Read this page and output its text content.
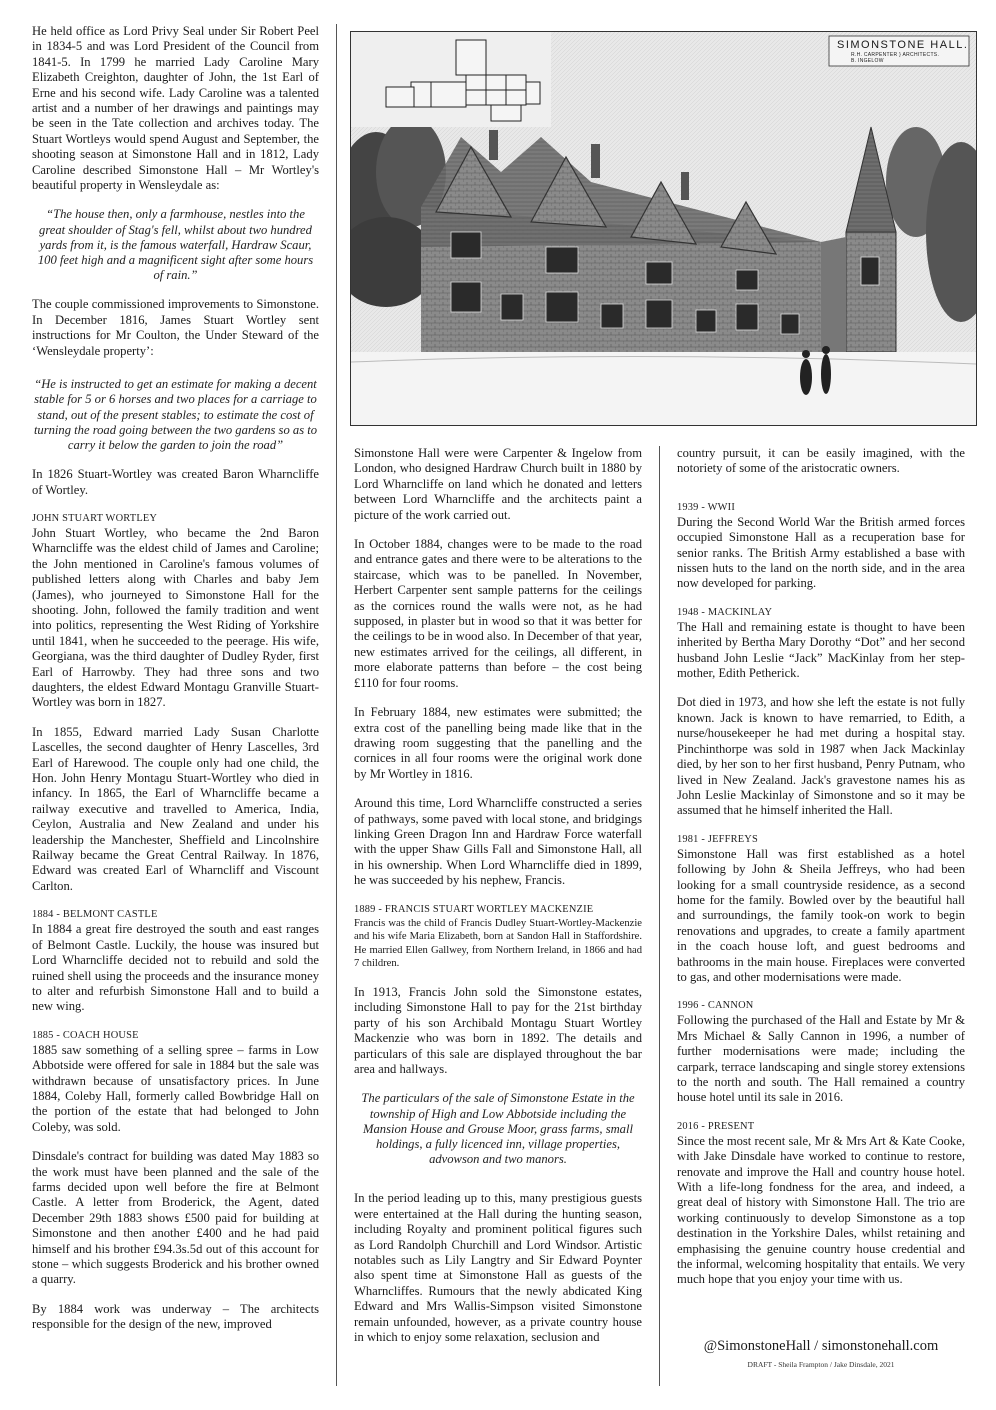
SIMONSTONE HALL.
R.H. CARPENTER } ARCHITECTS.
B. INGELOW

He held office as Lord Privy Seal under Sir Robert Peel in 1834-5 and was Lord President of the Council from 1841-5. In 1799 he married Lady Caroline Mary Elizabeth Creighton, daughter of John, the 1st Earl of Erne and his second wife. Lady Caroline was a talented artist and a number of her drawings and paintings may be seen in the Tate collection and archives today. The Stuart Wortleys would spend August and September, the shooting season at Simonstone Hall and in 1812, Lady Caroline described Simonstone Hall – Mr Wortley's beautiful property in Wensleydale as:

“The house then, only a farmhouse, nestles into the great shoulder of Stag's fell, whilst about two hundred yards from it, is the famous waterfall, Hardraw Scaur, 100 feet high and a magnificent sight after some hours of rain.”

The couple commissioned improvements to Simonstone. In December 1816, James Stuart Wortley sent instructions for Mr Coulton, the Under Steward of the ‘Wensleydale property’:

“He is instructed to get an estimate for making a decent stable for 5 or 6 horses and two places for a carriage to stand, out of the present stables; to estimate the cost of turning the road going between the two gardens so as to carry it below the garden to join the road”

In 1826 Stuart-Wortley was created Baron Wharncliffe of Wortley.

JOHN STUART WORTLEY

John Stuart Wortley, who became the 2nd Baron Wharncliffe was the eldest child of James and Caroline; the John mentioned in Caroline's famous volumes of published letters along with Charles and baby Jem (James), who journeyed to Simonstone Hall for the shooting. John, followed the family tradition and went into politics, representing the West Riding of Yorkshire until 1841, when he succeeded to the peerage. His wife, Georgiana, was the third daughter of Dudley Ryder, first Earl of Harrowby. They had three sons and two daughters, the eldest Edward Montagu Granville Stuart-Wortley was born in 1827.

In 1855, Edward married Lady Susan Charlotte Lascelles, the second daughter of Henry Lascelles, 3rd Earl of Harewood. The couple only had one child, the Hon. John Henry Montagu Stuart-Wortley who died in infancy. In 1865, the Earl of Wharncliffe became a railway executive and travelled to America, India, Ceylon, Australia and New Zealand and under his leadership the Manchester, Sheffield and Lincolnshire Railway became the Great Central Railway. In 1876, Edward was created Earl of Wharncliff and Viscount Carlton.

1884 - BELMONT CASTLE

In 1884 a great fire destroyed the south and east ranges of Belmont Castle. Luckily, the house was insured but Lord Wharncliffe decided not to rebuild and sold the ruined shell using the proceeds and the insurance money to alter and refurbish Simonstone Hall and to build a new wing.

1885 - COACH HOUSE

1885 saw something of a selling spree – farms in Low Abbotside were offered for sale in 1884 but the sale was withdrawn because of unsatisfactory prices. In June 1884, Coleby Hall, formerly called Bowbridge Hall on the portion of the estate that had belonged to John Coleby, was sold.

Dinsdale's contract for building was dated May 1883 so the work must have been planned and the sale of the farms decided upon well before the fire at Belmont Castle. A letter from Broderick, the Agent, dated December 29th 1883 shows £500 paid for building at Simonstone and then another £400 and he had paid himself and his brother £94.3s.5d out of this account for stone – which suggests Broderick and his brother owned a quarry.

By 1884 work was underway – The architects responsible for the design of the new, improved

Simonstone Hall were were Carpenter & Ingelow from London, who designed Hardraw Church built in 1880 by Lord Wharncliffe on land which he donated and letters between Lord Wharncliffe and the architects paint a picture of the work carried out.

In October 1884, changes were to be made to the road and entrance gates and there were to be alterations to the staircase, which was to be panelled. In November, Herbert Carpenter sent sample patterns for the ceilings as the cornices round the walls were not, as he had supposed, in plaster but in wood so that it was better for the ceilings to be in wood also. In December of that year, new estimates arrived for the ceilings, all different, in more elaborate patterns than before – the cost being £110 for four rooms.

In February 1884, new estimates were submitted; the extra cost of the panelling being made like that in the drawing room suggesting that the panelling and the cornices in all four rooms were the original work done by Mr Wortley in 1816.

Around this time, Lord Wharncliffe constructed a series of pathways, some paved with local stone, and bridgings linking Green Dragon Inn and Hardraw Force waterfall with the upper Shaw Gills Fall and Simonstone Hall, all in his ownership. When Lord Wharncliffe died in 1899, he was succeeded by his nephew, Francis.

1889 - FRANCIS STUART WORTLEY MACKENZIE

Francis was the child of Francis Dudley Stuart-Wortley-Mackenzie and his wife Maria Elizabeth, born at Sandon Hall in Staffordshire. He married Ellen Gallwey, from Northern Ireland, in 1866 and had 7 children.

In 1913, Francis John sold the Simonstone estates, including Simonstone Hall to pay for the 21st birthday party of his son Archibald Montagu Stuart Wortley Mackenzie who was born in 1892. The details and particulars of this sale are displayed throughout the bar area and hallways.

The particulars of the sale of Simonstone Estate in the township of High and Low Abbotside including the Mansion House and Grouse Moor, grass farms, small holdings, a fully licenced inn, village properties, advowson and two manors.

In the period leading up to this, many prestigious guests were entertained at the Hall during the hunting season, including Royalty and prominent political figures such as Lord Randolph Churchill and Lord Windsor. Artistic notables such as Lily Langtry and Sir Edward Poynter also spent time at Simonstone Hall as guests of the Wharncliffes. Rumours that the newly abdicated King Edward and Mrs Wallis-Simpson visited Simonstone remain unfounded, however, as a private country house in which to enjoy some relaxation, seclusion and

country pursuit, it can be easily imagined, with the notoriety of some of the aristocratic owners.

1939 - WWII

During the Second World War the British armed forces occupied Simonstone Hall as a recuperation base for senior ranks. The British Army established a base with nissen huts to the land on the north side, and in the area now developed for parking.

1948 - MACKINLAY

The Hall and remaining estate is thought to have been inherited by Bertha Mary Dorothy “Dot” and her second husband John Leslie “Jack” MacKinlay from her step-mother, Edith Petherick.

Dot died in 1973, and how she left the estate is not fully known. Jack is known to have remarried, to Edith, a nurse/housekeeper he had met during a hospital stay. Pinchinthorpe was sold in 1987 when Jack Mackinlay died, by her son to her first husband, Penry Putnam, who lived in New Zealand. Jack's gravestone names his as John Leslie Mackinlay of Simonstone and so it may be assumed that he himself inherited the Hall.

1981 - JEFFREYS

Simonstone Hall was first established as a hotel following by John & Sheila Jeffreys, who had been looking for a small countryside residence, as a second home for the family. Bowled over by the beautiful hall and surroundings, the family took-on work to begin renovations and upgrades, to create a family apartment in the coach house loft, and guest bedrooms and bathrooms in the main house. Fireplaces were converted to gas, and other modernisations were made.

1996 - CANNON

Following the purchased of the Hall and Estate by Mr & Mrs Michael & Sally Cannon in 1996, a number of further modernisations were made; including the carpark, terrace landscaping and single storey extensions to the north and south. The Hall remained a country house hotel until its sale in 2016.

2016 - PRESENT

Since the most recent sale, Mr & Mrs Art & Kate Cooke, with Jake Dinsdale have worked to continue to restore, renovate and improve the Hall and country house hotel. With a life-long fondness for the area, and indeed, a great deal of history with Simonstone Hall. The trio are working continuously to develop Simonstone as a top destination in the Yorkshire Dales, whilst retaining and emphasising the genuine country house credential and the informal, welcoming hospitality that entails. We very much hope that you enjoy your time with us.

@SimonstoneHall / simonstonehall.com
DRAFT - Sheila Frampton / Jake Dinsdale, 2021
